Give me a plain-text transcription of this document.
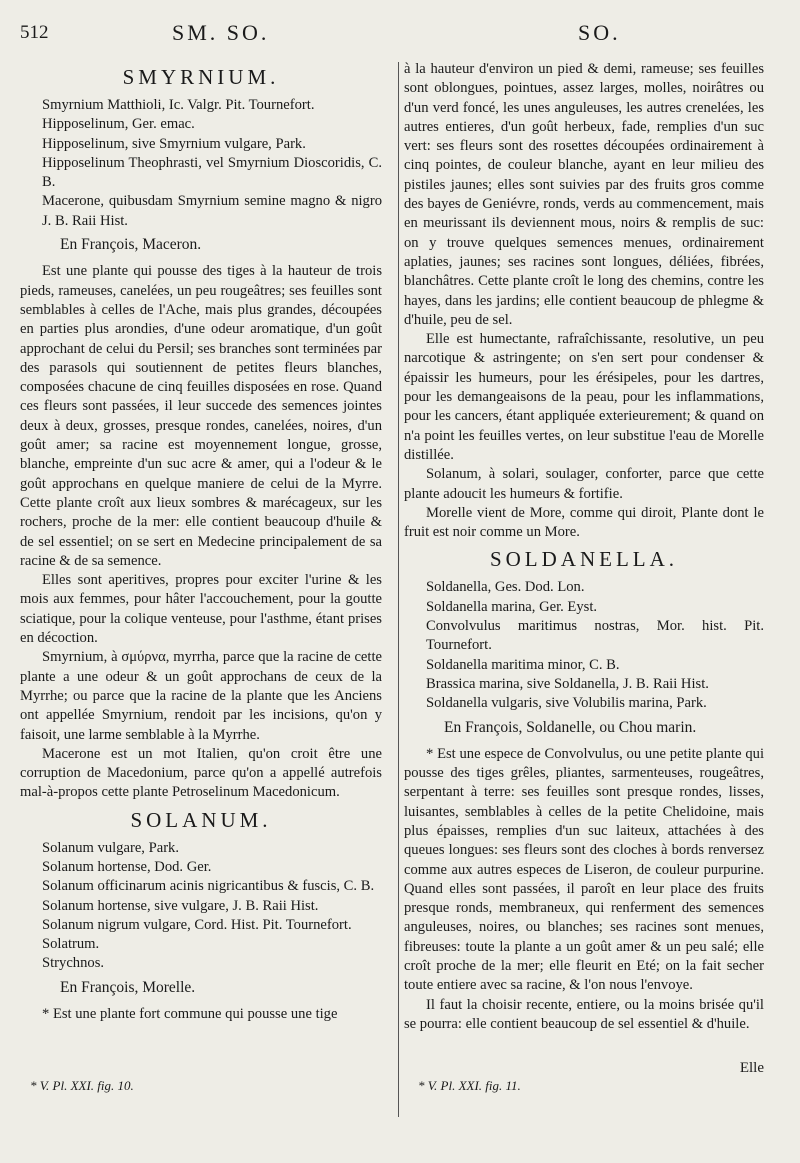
512	SM. SO.	SO.
SMYRNIUM.

Smyrnium Matthioli, Ic. Valgr. Pit. Tournefort.

Hipposelinum, Ger. emac.

Hipposelinum, sive Smyrnium vulgare, Park.

Hipposelinum Theophrasti, vel Smyrnium Dioscoridis, C. B.

Macerone, quibusdam Smyrnium semine magno & nigro J. B. Raii Hist.

En François, Maceron.

Est une plante qui pousse des tiges à la hauteur de trois pieds, rameuses, canelées, un peu rougeâtres; ses feuilles sont semblables à celles de l'Ache, mais plus grandes, découpées en parties plus arondies, d'une odeur aromatique, d'un goût approchant de celui du Persil; ses branches sont terminées par des parasols qui soutiennent de petites fleurs blanches, composées chacune de cinq feuilles disposées en rose. Quand ces fleurs sont passées, il leur succede des semences jointes deux à deux, grosses, presque rondes, canelées, noires, d'un goût amer; sa racine est moyennement longue, grosse, blanche, empreinte d'un suc acre & amer, qui a l'odeur & le goût approchans en quelque maniere de celui de la Myrre. Cette plante croît aux lieux sombres & marécageux, sur les rochers, proche de la mer: elle contient beaucoup d'huile & de sel essentiel; on se sert en Medecine principalement de sa racine & de sa semence.

Elles sont aperitives, propres pour exciter l'urine & les mois aux femmes, pour hâter l'accouchement, pour la goutte sciatique, pour la colique venteuse, pour l'asthme, étant prises en décoction.

Smyrnium, à σμύρνα, myrrha, parce que la racine de cette plante a une odeur & un goût approchans de ceux de la Myrrhe; ou parce que la racine de la plante que les Anciens ont appellée Smyrnium, rendoit par les incisions, qu'on y faisoit, une larme semblable à la Myrrhe.

Macerone est un mot Italien, qu'on croit être une corruption de Macedonium, parce qu'on a appellé autrefois mal-à-propos cette plante Petroselinum Macedonicum.

SOLANUM.

Solanum vulgare, Park.

Solanum hortense, Dod. Ger.

Solanum officinarum acinis nigricantibus & fuscis, C. B.

Solanum hortense, sive vulgare, J. B. Raii Hist.

Solanum nigrum vulgare, Cord. Hist. Pit. Tournefort.

Solatrum.

Strychnos.

En François, Morelle.

* Est une plante fort commune qui pousse une tige

à la hauteur d'environ un pied & demi, rameuse; ses feuilles sont oblongues, pointues, assez larges, molles, noirâtres ou d'un verd foncé, les unes anguleuses, les autres crenelées, les autres entieres, d'un goût herbeux, fade, remplies d'un suc vert: ses fleurs sont des rosettes découpées ordinairement à cinq pointes, de couleur blanche, ayant en leur milieu des pistiles jaunes; elles sont suivies par des fruits gros comme des bayes de Geniévre, ronds, verds au commencement, mais en meurissant ils deviennent mous, noirs & remplis de suc: on y trouve quelques semences menues, ordinairement aplaties, jaunes; ses racines sont longues, déliées, fibrées, blanchâtres. Cette plante croît le long des chemins, contre les hayes, dans les jardins; elle contient beaucoup de phlegme & d'huile, peu de sel.

Elle est humectante, rafraîchissante, resolutive, un peu narcotique & astringente; on s'en sert pour condenser & épaissir les humeurs, pour les érésipeles, pour les dartres, pour les demangeaisons de la peau, pour les inflammations, pour les cancers, étant appliquée exterieurement; & quand on n'a point les feuilles vertes, on leur substitue l'eau de Morelle distillée.

Solanum, à solari, soulager, conforter, parce que cette plante adoucit les humeurs & fortifie.

Morelle vient de More, comme qui diroit, Plante dont le fruit est noir comme un More.

SOLDANELLA.

Soldanella, Ges. Dod. Lon.

Soldanella marina, Ger. Eyst.

Convolvulus maritimus nostras, Mor. hist. Pit. Tournefort.

Soldanella maritima minor, C. B.

Brassica marina, sive Soldanella, J. B. Raii Hist.

Soldanella vulgaris, sive Volubilis marina, Park.

En François, Soldanelle, ou Chou marin.

* Est une espece de Convolvulus, ou une petite plante qui pousse des tiges grêles, pliantes, sarmenteuses, rougeâtres, serpentant à terre: ses feuilles sont presque rondes, lisses, luisantes, semblables à celles de la petite Chelidoine, mais plus épaisses, remplies d'un suc laiteux, attachées à des queues longues: ses fleurs sont des cloches à bords renversez comme aux autres especes de Liseron, de couleur purpurine. Quand elles sont passées, il paroît en leur place des fruits presque ronds, membraneux, qui renferment des semences anguleuses, noires, ou blanches; ses racines sont menues, fibreuses: toute la plante a un goût amer & un peu salé; elle croît proche de la mer; elle fleurit en Eté; on la fait secher toute entiere avec sa racine, & l'on nous l'envoye.

Il faut la choisir recente, entiere, ou la moins brisée qu'il se pourra: elle contient beaucoup de sel essentiel & d'huile.

Elle
* V. Pl. XXI. fig. 10.	* V. Pl. XXI. fig. 11.
